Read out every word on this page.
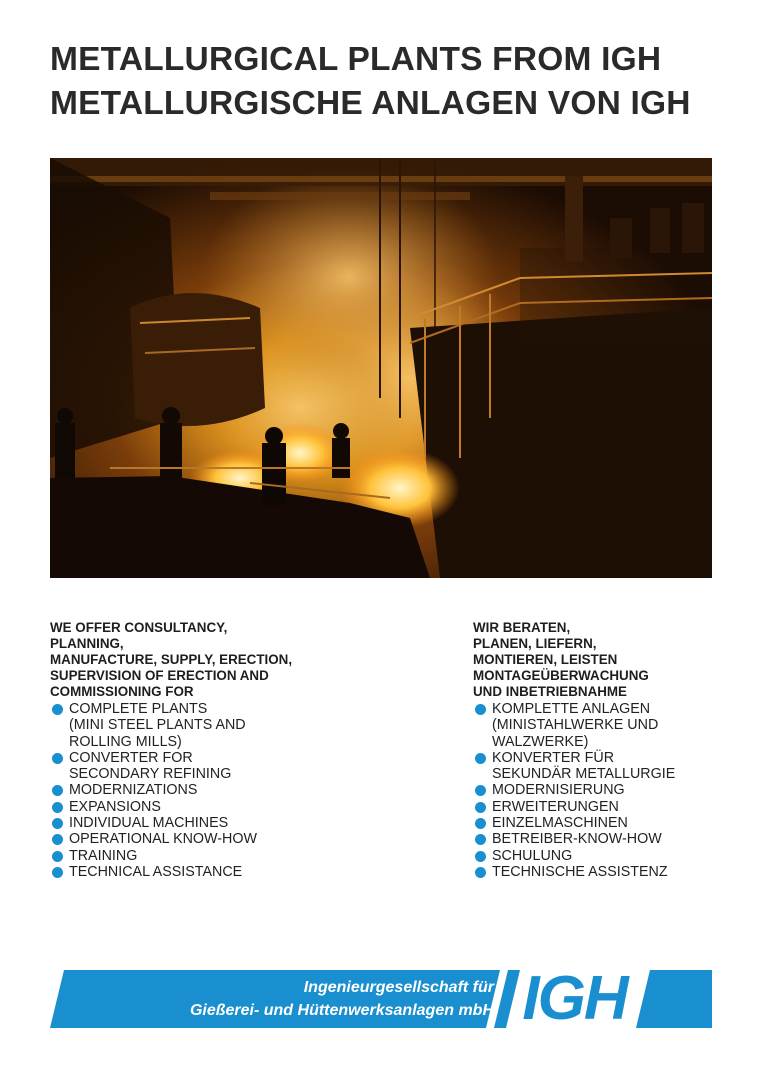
METALLURGICAL PLANTS FROM IGH
METALLURGISCHE ANLAGEN VON IGH
WE OFFER CONSULTANCY,
PLANNING,
MANUFACTURE, SUPPLY, ERECTION,
SUPERVISION OF ERECTION AND
COMMISSIONING FOR
COMPLETE PLANTS
(MINI STEEL PLANTS AND
ROLLING MILLS)
CONVERTER FOR
SECONDARY REFINING
MODERNIZATIONS
EXPANSIONS
INDIVIDUAL MACHINES
OPERATIONAL KNOW-HOW
TRAINING
TECHNICAL ASSISTANCE
WIR BERATEN,
PLANEN, LIEFERN,
MONTIEREN, LEISTEN
MONTAGEÜBERWACHUNG
UND INBETRIEBNAHME
KOMPLETTE ANLAGEN
(MINISTAHLWERKE UND
WALZWERKE)
KONVERTER FÜR
SEKUNDÄR METALLURGIE
MODERNISIERUNG
ERWEITERUNGEN
EINZELMASCHINEN
BETREIBER-KNOW-HOW
SCHULUNG
TECHNISCHE ASSISTENZ
Ingenieurgesellschaft für
Gießerei- und Hüttenwerksanlagen mbH IGH
